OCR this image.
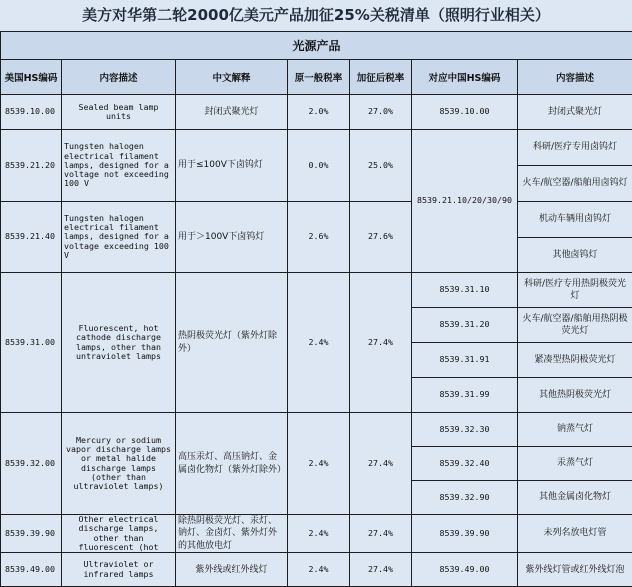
美方对华第二轮2000亿美元产品加征25%关税清单（照明行业相关）
光源产品						
美国HS编码	内容描述	中文解释	原一般税率	加征后税率	对应中国HS编码	内容描述
8539.10.00	Sealed beam lamp units	封闭式聚光灯	2.0%	27.0%	8539.10.00	封闭式聚光灯
8539.21.20	Tungsten halogen electrical filament lamps, designed for a voltage not exceeding 100 V	用于≤100V下卤钨灯	0.0%	25.0%	8539.21.10/20/30/90	科研/医疗专用卤钨灯
						火车/航空器/船舶用卤钨灯
8539.21.40	Tungsten halogen electrical filament lamps, designed for a voltage exceeding 100 V	用于＞100V下卤钨灯	2.6%	27.6%		机动车辆用卤钨灯
						其他卤钨灯
8539.31.00	Fluorescent, hot cathode discharge lamps, other than untraviolet lamps	热阴极荧光灯（紫外灯除外）	2.4%	27.4%	8539.31.10	科研/医疗专用热阴极荧光灯
					8539.31.20	火车/航空器/船舶用热阴极荧光灯
					8539.31.91	紧凑型热阴极荧光灯
					8539.31.99	其他热阴极荧光灯
8539.32.00	Mercury or sodium vapor discharge lamps or metal halide discharge lamps (other than ultraviolet lamps)	高压汞灯、高压钠灯、金属卤化物灯（紫外灯除外）	2.4%	27.4%	8539.32.30	钠蒸气灯
					8539.32.40	汞蒸气灯
					8539.32.90	其他金属卤化物灯
8539.39.90	Other electrical discharge lamps, other than fluorescent (hot	除热阴极荧光灯、汞灯、钠灯、金卤灯、紫外灯外的其他放电灯	2.4%	27.4%	8539.39.90	未列名放电灯管
8539.49.00	Ultraviolet or infrared lamps	紫外线或红外线灯	2.4%	27.4%	8539.49.00	紫外线灯管或红外线灯泡
